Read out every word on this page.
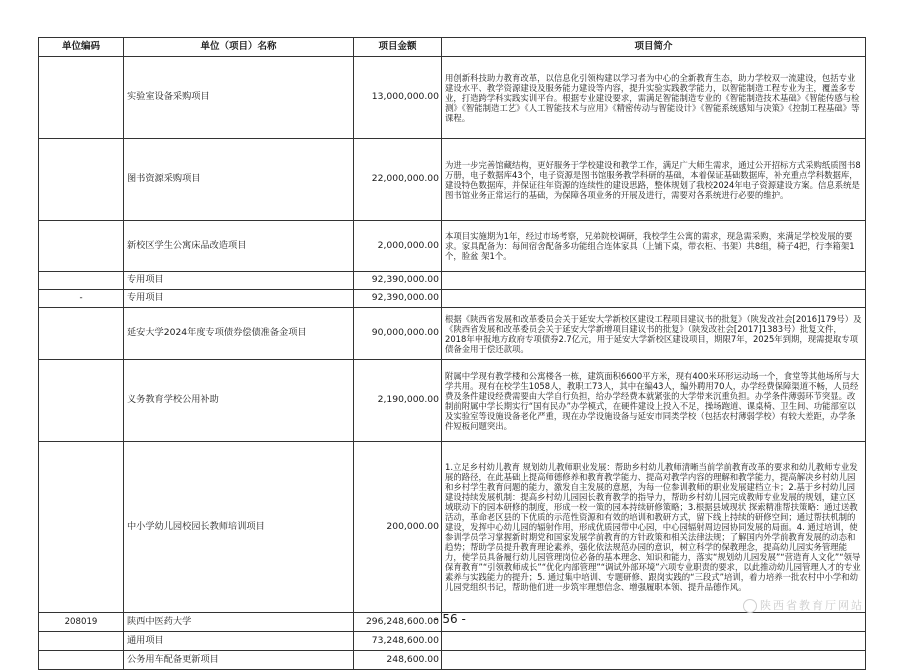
单位编码	单位（项目）名称	项目金额	项目简介
	实验室设备采购项目	13,000,000.00	用创新科技助力教育改革，以信息化引领构建以学习者为中心的全新教育生态，助力学校双一流建设，包括专业建设水平、教学资源建设及服务能力建设等内容，提升实验实践教学能力，以智能制造工程专业为主，覆盖多专业，打造跨学科实践实训平台。根据专业建设要求，需满足智能制造专业的《智能制造技术基础》《智能传感与检测》《智能制造工艺》《人工智能技术与应用》《精密传动与智能设计》《智能系统感知与决策》《控制工程基础》等课程。
	图书资源采购项目	22,000,000.00	为进一步完善馆藏结构，更好服务于学校建设和教学工作，满足广大师生需求，通过公开招标方式采购纸质图书8万册，电子数据库43个，电子资源是图书馆服务教学科研的基础，本着保证基础数据库，补充重点学科数据库，建设特色数据库，并保证往年资源的连续性的建设思路，整体规划了我校2024年电子资源建设方案。信息系统是图书馆业务正常运行的基础，为保障各项业务的开展及进行，需要对各系统进行必要的维护。
	新校区学生公寓床品改造项目	2,000,000.00	本项目实施期为1年，经过市场考察，兄弟院校调研，我校学生公寓的需求，现急需采购，来满足学校发展的要求。家具配备为：每间宿舍配备多功能组合连体家具（上铺下桌，带衣柜、书架）共8组，椅子4把，行李箱架1个，脸盆 架1个。
	专用项目	92,390,000.00	
-	专用项目	92,390,000.00	
	延安大学2024年度专项债券偿债准备金项目	90,000,000.00	根据《陕西省发展和改革委员会关于延安大学新校区建设工程项目建议书的批复》（陕发改社会[2016]179号）及《陕西省发展和改革委员会关于延安大学新增项目建议书的批复》（陕发改社会[2017]1383号）批复文件，2018年申报地方政府专项债券2.7亿元，用于延安大学新校区建设项目，期限7年，2025年到期，现需提取专项债备金用于偿还款项。
	义务教育学校公用补助	2,190,000.00	附属中学现有教学楼和公寓楼各一栋，建筑面积6600平方米，现有400米环形运动场一个，食堂等其他场所与大学共用。现有在校学生1058人，教职工73人，其中在编43人，编外聘用70人，办学经费保障渠道不畅，人员经费及条件建设经费需要由大学自行负担，给办学经费本就紧张的大学带来沉重负担。办学条件薄弱环节突显。改制前附属中学长期实行“国有民办”办学模式，在硬件建设上投入不足，操场跑道、课桌椅、卫生间、功能部室以及实验室等设施设备老化严重，现在办学设施设备与延安市同类学校（包括农村薄弱学校）有较大差距，办学条件短板问题突出。
	中小学幼儿园校园长教师培训项目	200,000.00	1.立足乡村幼儿教育 规划幼儿教师职业发展：帮助乡村幼儿教师清晰当前学前教育改革的要求和幼儿教师专业发展的路径，在此基础上提高师德修养和教育教学能力、提高对教学内容的理解和教学能力，提高解决乡村幼儿园和乡村学生教育问题的能力，激发自主发展的意愿，为每一位参训教师的职业发展建档立卡；2.基于乡村幼儿园 建设持续发展机制：提高乡村幼儿园园长教育教学的指导力，帮助乡村幼儿园完成教师专业发展的规划，建立区域联动下的园本研修的制度，形成一校一策的园本持续研修策略；3.根据县域现状 探索精准帮扶策略：通过送教活动，革命老区县的下优质的示范性资源和有效的培训和教研方式，留下线上持续的研修空间；通过帮扶机制的建设，发挥中心幼儿园的辐射作用，形成优质园带中心园，中心园辐射周边园协同发展的局面。4. 通过培训，使参训学员学习掌握新时期党和国家发展学前教育的方针政策和相关法律法规；了解国内外学前教育发展的动态和趋势；帮助学员提升教育理论素养，强化依法规范办园的意识，树立科学的保教理念，提高幼儿园实务管理能力，使学员具备履行幼儿园管理岗位必备的基本理念、知识和能力，落实“规划幼儿园发展”“营造育人文化”“领导保育教育”“引领教师成长”“优化内部管理”“调试外部环境”六项专业职责的要求，以此推动幼儿园管理人才的专业素养与实践能力的提升；5. 通过集中培训、专题研修、跟岗实践的“三段式”培训，着力培养一批农村中小学和幼儿园党组织书记，帮助他们进一步筑牢理想信念、增强履职本领、提升品德作风。
208019	陕西中医药大学	296,248,600.00	
	通用项目	73,248,600.00	
	公务用车配备更新项目	248,600.00	
陕西省教育厅网站
- 56 -
